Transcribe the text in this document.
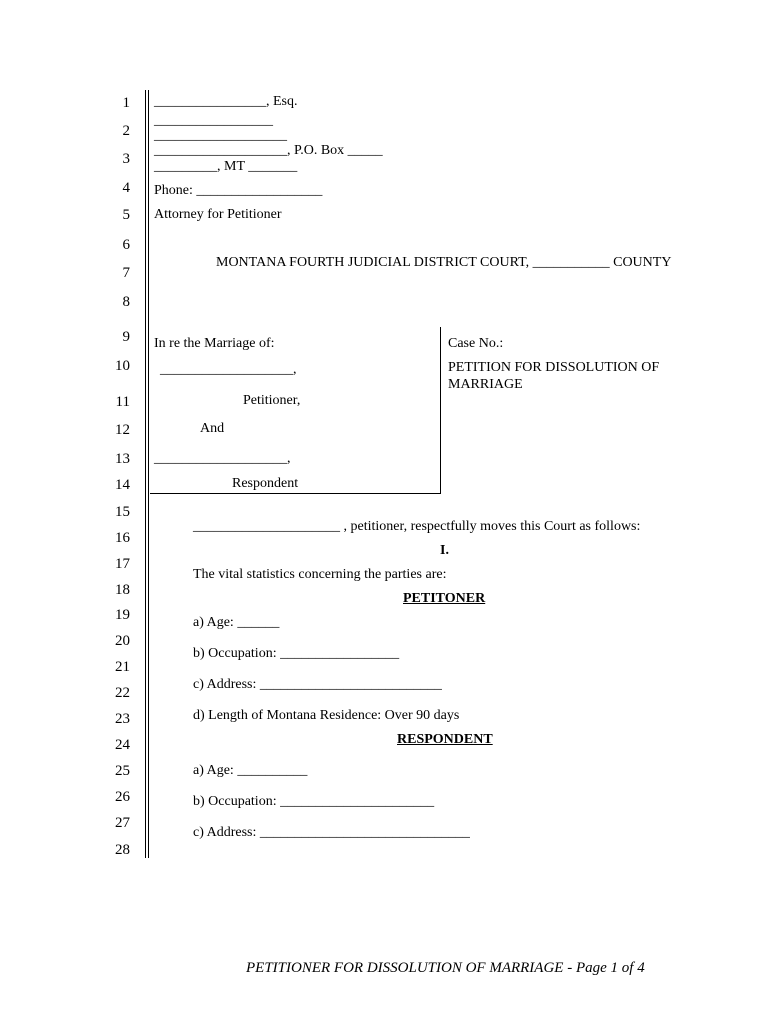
1
2
3
4
5
6
7
8
9
10
11
12
13
14
15
16
17
18
19
20
21
22
23
24
25
26
27
28
________________, Esq.
_________________
___________________
___________________, P.O. Box _____
_________, MT _______
Phone: __________________
Attorney for Petitioner
MONTANA FOURTH JUDICIAL DISTRICT COURT, ___________ COUNTY
In re the Marriage of:
___________________,
Petitioner,
And
___________________,
Respondent
Case No.:
PETITION FOR DISSOLUTION OF
MARRIAGE
_____________________ , petitioner, respectfully moves this Court as follows:
I.
The vital statistics concerning the parties are:
PETITONER
a) Age: ______
b) Occupation: _________________
c) Address: __________________________
d) Length of Montana Residence: Over 90 days
RESPONDENT
a) Age: __________
b) Occupation: ______________________
c) Address: ______________________________
PETITIONER FOR DISSOLUTION OF MARRIAGE - Page 1 of 4
